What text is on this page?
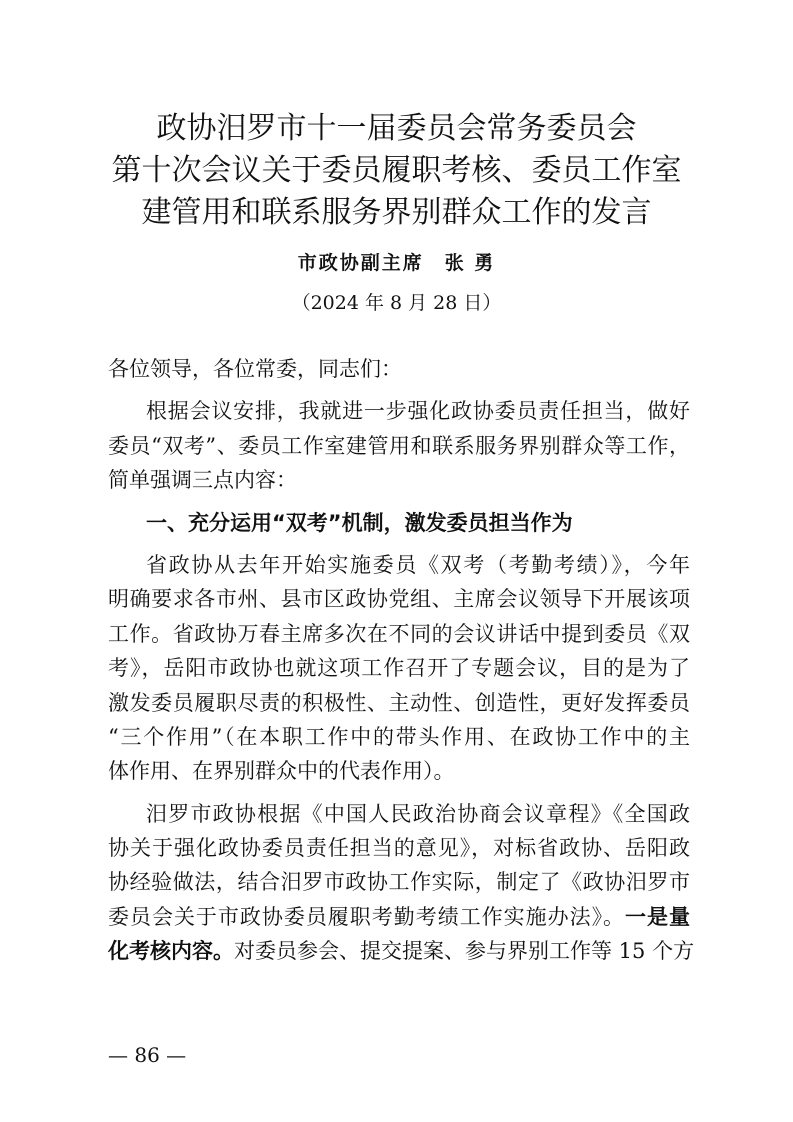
政协汨罗市十一届委员会常务委员会
第十次会议关于委员履职考核、委员工作室
建管用和联系服务界别群众工作的发言
市政协副主席　张 勇
（2024 年 8 月 28 日）
各位领导，各位常委，同志们：
根据会议安排，我就进一步强化政协委员责任担当，做好
委员“双考”、委员工作室建管用和联系服务界别群众等工作，
简单强调三点内容：
一、充分运用“双考”机制，激发委员担当作为
省政协从去年开始实施委员《双考（考勤考绩）》，今年
明确要求各市州、县市区政协党组、主席会议领导下开展该项
工作。省政协万春主席多次在不同的会议讲话中提到委员《双
考》，岳阳市政协也就这项工作召开了专题会议，目的是为了
激发委员履职尽责的积极性、主动性、创造性，更好发挥委员
“三个作用”（在本职工作中的带头作用、在政协工作中的主
体作用、在界别群众中的代表作用）。
汨罗市政协根据《中国人民政治协商会议章程》《全国政
协关于强化政协委员责任担当的意见》，对标省政协、岳阳政
协经验做法，结合汨罗市政协工作实际，制定了《政协汨罗市
委员会关于市政协委员履职考勤考绩工作实施办法》。一是量
化考核内容。对委员参会、提交提案、参与界别工作等 15 个方
— 86 —
